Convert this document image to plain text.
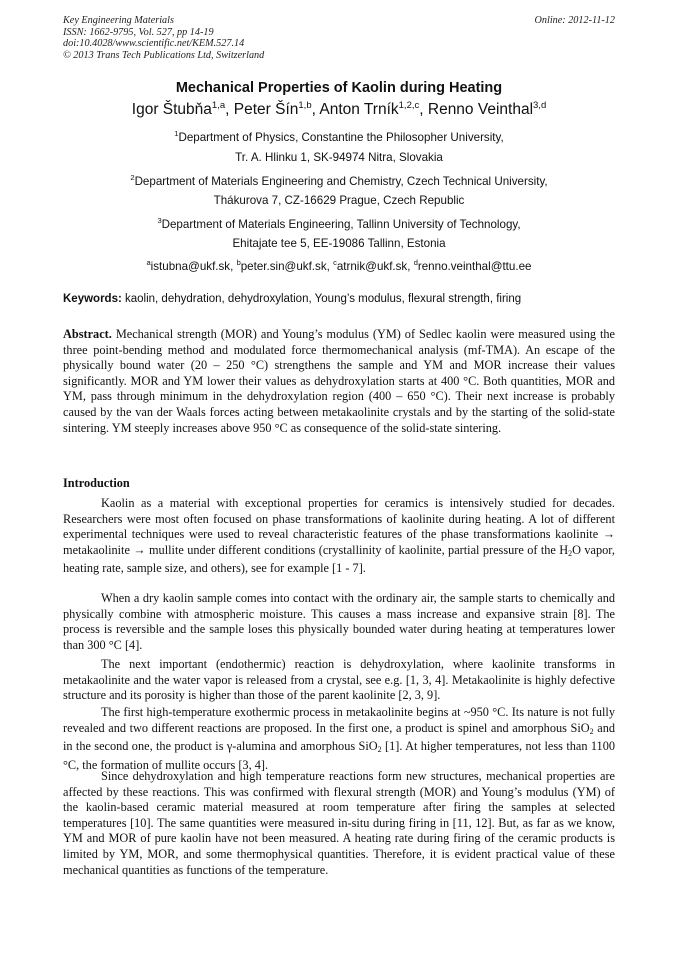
Key Engineering Materials
ISSN: 1662-9795, Vol. 527, pp 14-19
doi:10.4028/www.scientific.net/KEM.527.14
© 2013 Trans Tech Publications Ltd, Switzerland
Online: 2012-11-12
Mechanical Properties of Kaolin during Heating
Igor Štubňa$^{1,a}$, Peter Šín$^{1,b}$, Anton Trník$^{1,2,c}$, Renno Veinthal$^{3,d}$
$^1$Department of Physics, Constantine the Philosopher University,
Tr. A. Hlinku 1, SK-94974 Nitra, Slovakia
$^2$Department of Materials Engineering and Chemistry, Czech Technical University,
Thákurova 7, CZ-16629 Prague, Czech Republic
$^3$Department of Materials Engineering, Tallinn University of Technology,
Ehitajate tee 5, EE-19086 Tallinn, Estonia
$^a$istubna@ukf.sk, $^b$peter.sin@ukf.sk, $^c$atrnik@ukf.sk, $^d$renno.veinthal@ttu.ee
Keywords: kaolin, dehydration, dehydroxylation, Young’s modulus, flexural strength, firing
Abstract. Mechanical strength (MOR) and Young’s modulus (YM) of Sedlec kaolin were measured using the three point-bending method and modulated force thermomechanical analysis (mf-TMA). An escape of the physically bound water (20 – 250 °C) strengthens the sample and YM and MOR increase their values significantly. MOR and YM lower their values as dehydroxylation starts at 400 °C. Both quantities, MOR and YM, pass through minimum in the dehydroxylation region (400 – 650 °C). Their next increase is probably caused by the van der Waals forces acting between metakaolinite crystals and by the starting of the solid-state sintering. YM steeply increases above 950 °C as consequence of the solid-state sintering.
Introduction
Kaolin as a material with exceptional properties for ceramics is intensively studied for decades. Researchers were most often focused on phase transformations of kaolinite during heating. A lot of different experimental techniques were used to reveal characteristic features of the phase transformations kaolinite → metakaolinite → mullite under different conditions (crystallinity of kaolinite, partial pressure of the $H_2O$ vapor, heating rate, sample size, and others), see for example [1 - 7].
When a dry kaolin sample comes into contact with the ordinary air, the sample starts to chemically and physically combine with atmospheric moisture. This causes a mass increase and expansive strain [8]. The process is reversible and the sample loses this physically bounded water during heating at temperatures lower than 300 °C [4].
The next important (endothermic) reaction is dehydroxylation, where kaolinite transforms in metakaolinite and the water vapor is released from a crystal, see e.g. [1, 3, 4]. Metakaolinite is highly defective structure and its porosity is higher than those of the parent kaolinite [2, 3, 9].
The first high-temperature exothermic process in metakaolinite begins at ~950 °C. Its nature is not fully revealed and two different reactions are proposed. In the first one, a product is spinel and amorphous SiO$_2$ and in the second one, the product is γ-alumina and amorphous SiO$_2$ [1]. At higher temperatures, not less than 1100 °C, the formation of mullite occurs [3, 4].
Since dehydroxylation and high temperature reactions form new structures, mechanical properties are affected by these reactions. This was confirmed with flexural strength (MOR) and Young’s modulus (YM) of the kaolin-based ceramic material measured at room temperature after firing the samples at selected temperatures [10]. The same quantities were measured in-situ during firing in [11, 12]. But, as far as we know, YM and MOR of pure kaolin have not been measured. A heating rate during firing of the ceramic products is limited by YM, MOR, and some thermophysical quantities. Therefore, it is evident practical value of these mechanical quantities as functions of the temperature.
